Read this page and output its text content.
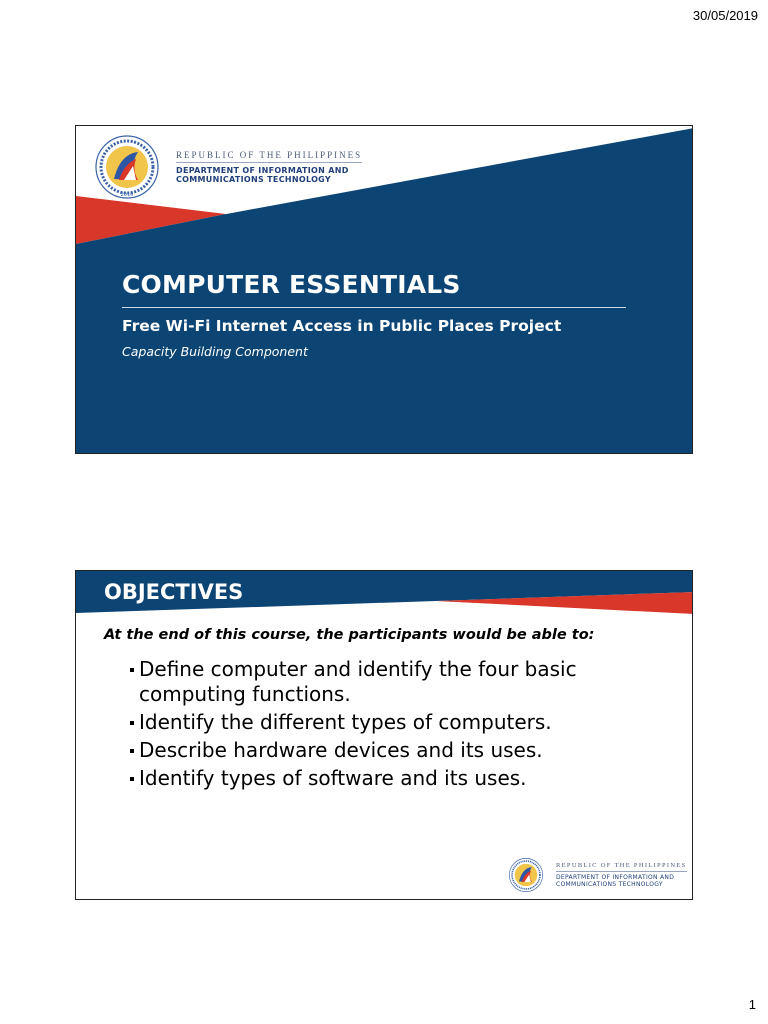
30/05/2019
2016
REPUBLIC OF THE PHILIPPINES
DEPARTMENT OF INFORMATION AND
COMMUNICATIONS TECHNOLOGY
COMPUTER ESSENTIALS
Free Wi-Fi Internet Access in Public Places Project
Capacity Building Component
OBJECTIVES
At the end of this course, the participants would be able to:
Define computer and identify the four basic computing functions.
Identify the different types of computers.
Describe hardware devices and its uses.
Identify types of software and its uses.
REPUBLIC OF THE PHILIPPINES
DEPARTMENT OF INFORMATION AND
COMMUNICATIONS TECHNOLOGY
1
